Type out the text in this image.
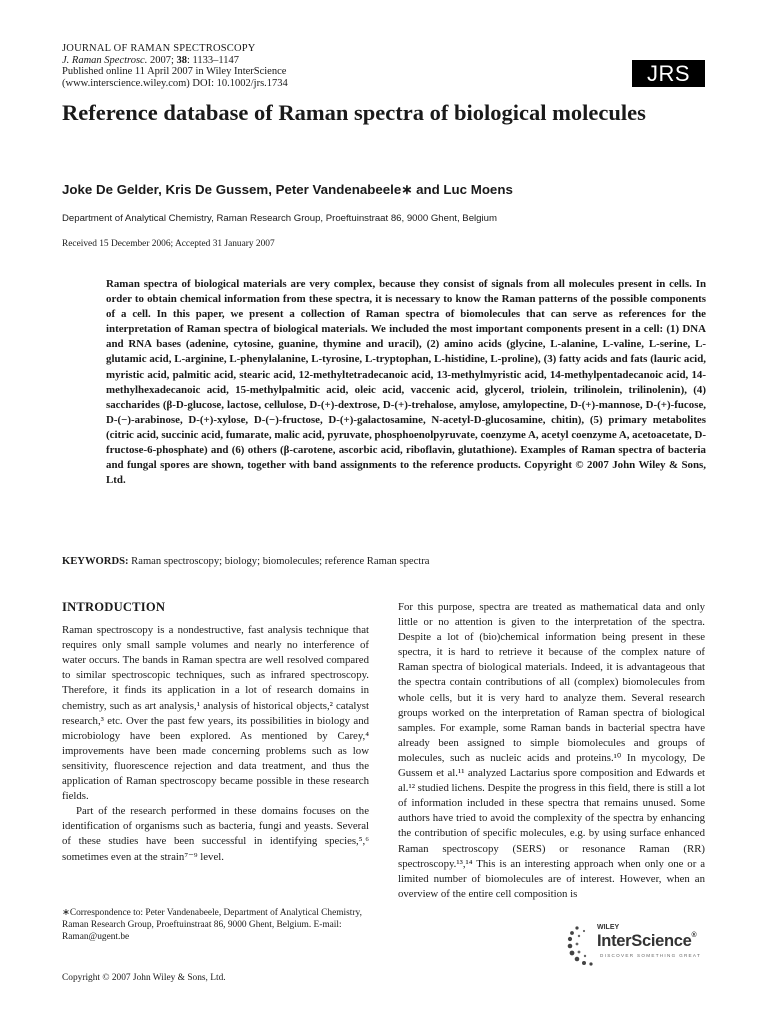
JOURNAL OF RAMAN SPECTROSCOPY
J. Raman Spectrosc. 2007; 38: 1133–1147
Published online 11 April 2007 in Wiley InterScience
(www.interscience.wiley.com) DOI: 10.1002/jrs.1734	JRS
Reference database of Raman spectra of biological molecules
Joke De Gelder, Kris De Gussem, Peter Vandenabeele∗ and Luc Moens
Department of Analytical Chemistry, Raman Research Group, Proeftuinstraat 86, 9000 Ghent, Belgium
Received 15 December 2006; Accepted 31 January 2007
Raman spectra of biological materials are very complex, because they consist of signals from all molecules present in cells. In order to obtain chemical information from these spectra, it is necessary to know the Raman patterns of the possible components of a cell. In this paper, we present a collection of Raman spectra of biomolecules that can serve as references for the interpretation of Raman spectra of biological materials. We included the most important components present in a cell: (1) DNA and RNA bases (adenine, cytosine, guanine, thymine and uracil), (2) amino acids (glycine, L-alanine, L-valine, L-serine, L-glutamic acid, L-arginine, L-phenylalanine, L-tyrosine, L-tryptophan, L-histidine, L-proline), (3) fatty acids and fats (lauric acid, myristic acid, palmitic acid, stearic acid, 12-methyltetradecanoic acid, 13-methylmyristic acid, 14-methylpentadecanoic acid, 14-methylhexadecanoic acid, 15-methylpalmitic acid, oleic acid, vaccenic acid, glycerol, triolein, trilinolein, trilinolenin), (4) saccharides (β-D-glucose, lactose, cellulose, D-(+)-dextrose, D-(+)-trehalose, amylose, amylopectine, D-(+)-mannose, D-(+)-fucose, D-(−)-arabinose, D-(+)-xylose, D-(−)-fructose, D-(+)-galactosamine, N-acetyl-D-glucosamine, chitin), (5) primary metabolites (citric acid, succinic acid, fumarate, malic acid, pyruvate, phosphoenolpyruvate, coenzyme A, acetyl coenzyme A, acetoacetate, D-fructose-6-phosphate) and (6) others (β-carotene, ascorbic acid, riboflavin, glutathione). Examples of Raman spectra of bacteria and fungal spores are shown, together with band assignments to the reference products. Copyright © 2007 John Wiley & Sons, Ltd.
KEYWORDS: Raman spectroscopy; biology; biomolecules; reference Raman spectra
INTRODUCTION

Raman spectroscopy is a nondestructive, fast analysis technique that requires only small sample volumes and nearly no interference of water occurs. The bands in Raman spectra are well resolved compared to similar spectroscopic techniques, such as infrared spectroscopy. Therefore, it finds its application in a lot of research domains in chemistry, such as art analysis,¹ analysis of historical objects,² catalyst research,³ etc. Over the past few years, its possibilities in biology and microbiology have been explored. As mentioned by Carey,⁴ improvements have been made concerning problems such as low sensitivity, fluorescence rejection and data treatment, and thus the application of Raman spectroscopy became possible in these research fields.

Part of the research performed in these domains focuses on the identification of organisms such as bacteria, fungi and yeasts. Several of these studies have been successful in identifying species,⁵,⁶ sometimes even at the strain⁷⁻⁹ level.

For this purpose, spectra are treated as mathematical data and only little or no attention is given to the interpretation of the spectra. Despite a lot of (bio)chemical information being present in these spectra, it is hard to retrieve it because of the complex nature of Raman spectra of biological materials. Indeed, it is advantageous that the spectra contain contributions of all (complex) biomolecules from whole cells, but it is very hard to analyze them. Several research groups worked on the interpretation of Raman spectra of biological samples. For example, some Raman bands in bacterial spectra have already been assigned to simple biomolecules and groups of molecules, such as nucleic acids and proteins.¹⁰ In mycology, De Gussem et al.¹¹ analyzed Lactarius spore composition and Edwards et al.¹² studied lichens. Despite the progress in this field, there is still a lot of information included in these spectra that remains unused. Some authors have tried to avoid the complexity of the spectra by enhancing the contribution of specific molecules, e.g. by using surface enhanced Raman spectroscopy (SERS) or resonance Raman (RR) spectroscopy.¹³,¹⁴ This is an interesting approach when only one or a limited number of biomolecules are of interest. However, when an overview of the entire cell composition is

∗Correspondence to: Peter Vandenabeele, Department of Analytical Chemistry, Raman Research Group, Proeftuinstraat 86, 9000 Ghent, Belgium. E-mail: Raman@ugent.be
Copyright © 2007 John Wiley & Sons, Ltd.
WILEY
InterScience®
DISCOVER SOMETHING GREAT
